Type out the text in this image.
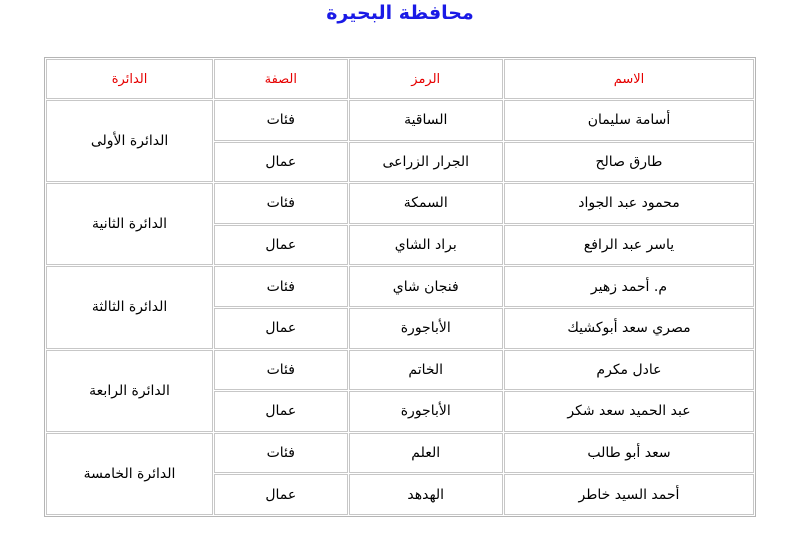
محافظة البحيرة
الاسم	الرمز	الصفة	الدائرة
أسامة سليمان	الساقية	فئات	الدائرة الأولى
طارق صالح	الجرار الزراعى	عمال	
محمود عبد الجواد	السمكة	فئات	الدائرة الثانية
ياسر عبد الرافع	براد الشاي	عمال	
م. أحمد زهير	فنجان شاي	فئات	الدائرة الثالثة
مصري سعد أبوكشيك	الأباجورة	عمال	
عادل مكرم	الخاتم	فئات	الدائرة الرابعة
عبد الحميد سعد شكر	الأباجورة	عمال	
سعد أبو طالب	العلم	فئات	الدائرة الخامسة
أحمد السيد خاطر	الهدهد	عمال	
